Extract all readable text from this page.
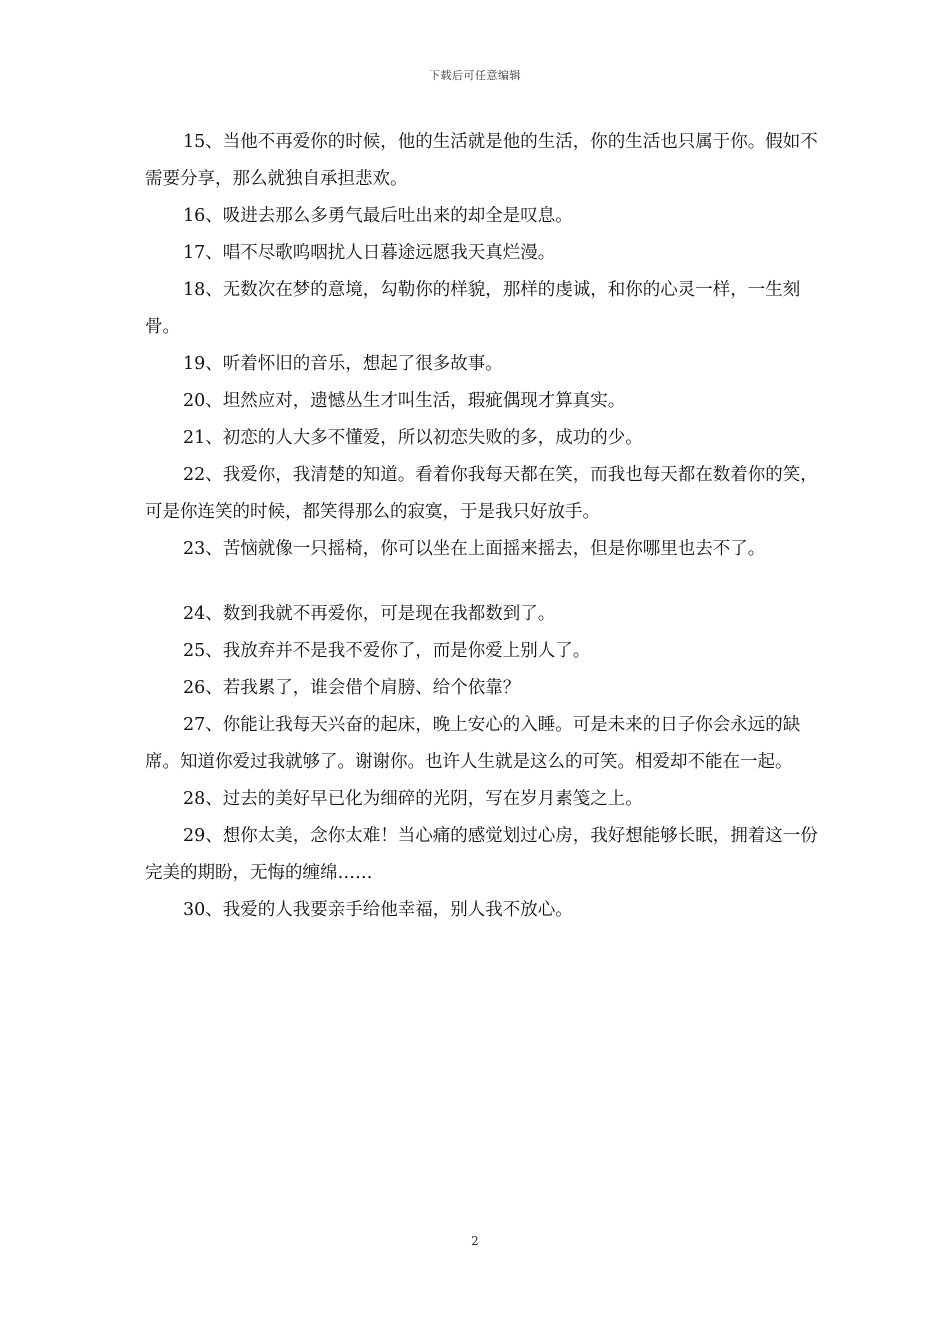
下载后可任意编辑

15、当他不再爱你的时候，他的生活就是他的生活，你的生活也只属于你。假如不需要分享，那么就独自承担悲欢。

16、吸进去那么多勇气最后吐出来的却全是叹息。

17、唱不尽歌呜咽扰人日暮途远愿我天真烂漫。

18、无数次在梦的意境，勾勒你的样貌，那样的虔诚，和你的心灵一样，一生刻骨。

19、听着怀旧的音乐，想起了很多故事。

20、坦然应对，遗憾丛生才叫生活，瑕疵偶现才算真实。

21、初恋的人大多不懂爱，所以初恋失败的多，成功的少。

22、我爱你，我清楚的知道。看着你我每天都在笑，而我也每天都在数着你的笑，可是你连笑的时候，都笑得那么的寂寞，于是我只好放手。

23、苦恼就像一只摇椅，你可以坐在上面摇来摇去，但是你哪里也去不了。

24、数到我就不再爱你，可是现在我都数到了。

25、我放弃并不是我不爱你了，而是你爱上别人了。

26、若我累了，谁会借个肩膀、给个依靠？

27、你能让我每天兴奋的起床，晚上安心的入睡。可是未来的日子你会永远的缺席。知道你爱过我就够了。谢谢你。也许人生就是这么的可笑。相爱却不能在一起。

28、过去的美好早已化为细碎的光阴，写在岁月素笺之上。

29、想你太美，念你太难！当心痛的感觉划过心房，我好想能够长眠，拥着这一份完美的期盼，无悔的缠绵……

30、我爱的人我要亲手给他幸福，别人我不放心。

2
